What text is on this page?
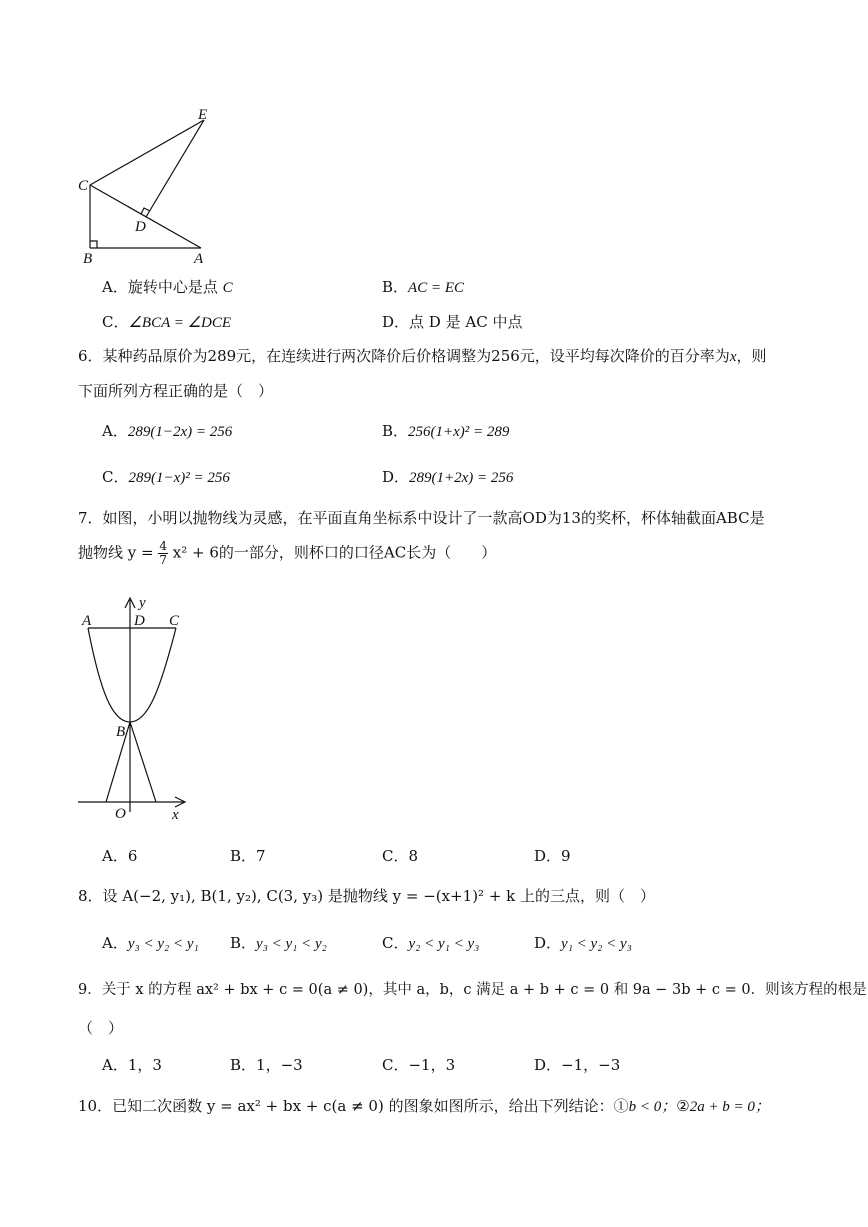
E
C
D
B	A
A．旋转中心是点 C	B．AC = EC
C．∠BCA = ∠DCE	D．点 D 是 AC 中点
6．某种药品原价为289元，在连续进行两次降价后价格调整为256元，设平均每次降价的百分率为x，则
下面所列方程正确的是（　）
A．289(1−2x) = 256	B．256(1+x)² = 289
C．289(1−x)² = 256	D．289(1+2x) = 256
7．如图，小明以抛物线为灵感，在平面直角坐标系中设计了一款高OD为13的奖杯，杯体轴截面ABC是
抛物线 $y = \frac{4}{7} x^2 + 6$的一部分，则杯口的口径AC长为（　　）
y
A	D C
B
O	x
A．6	B．7	C．8	D．9
8．设 A(−2, y₁), B(1, y₂), C(3, y₃) 是抛物线 y = −(x+1)² + k 上的三点，则（　）
A．y₃ < y₂ < y₁ B．y₃ < y₁ < y₂	C．y₂ < y₁ < y₃	D．y₁ < y₂ < y₃
9．关于 x 的方程 ax² + bx + c = 0(a ≠ 0)，其中 a，b，c 满足 a + b + c = 0 和 9a − 3b + c = 0．则该方程的根是
（　）
A．1，3	B．1，−3	C．−1，3	D．−1，−3
10．已知二次函数 y = ax² + bx + c(a ≠ 0) 的图象如图所示，给出下列结论：①b < 0；②2a + b = 0；
